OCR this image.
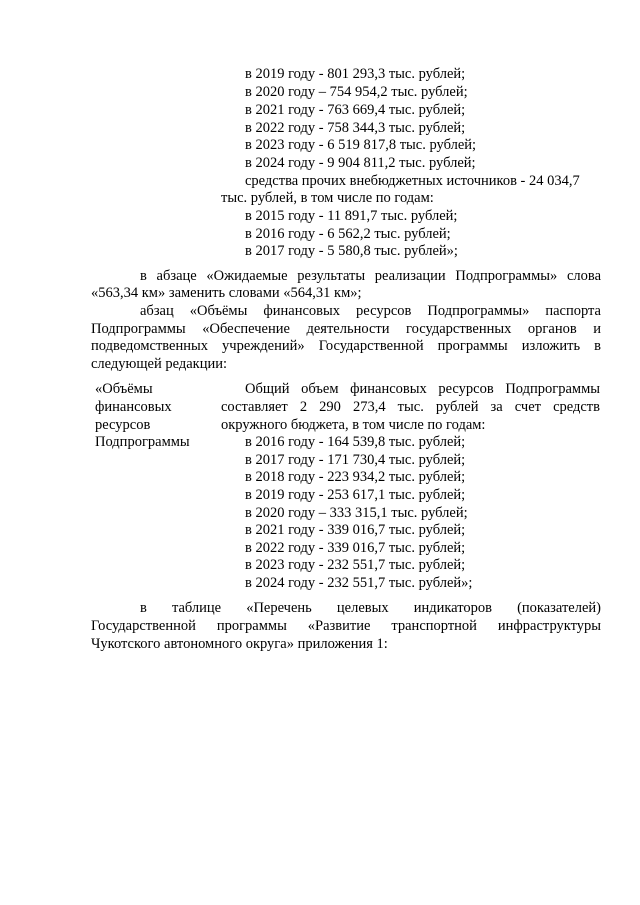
в 2019 году - 801 293,3 тыс. рублей;
в 2020 году – 754 954,2 тыс. рублей;
в 2021 году - 763 669,4 тыс. рублей;
в 2022 году - 758 344,3 тыс. рублей;
в 2023 году - 6 519 817,8 тыс. рублей;
в 2024 году - 9 904 811,2 тыс. рублей;
средства прочих внебюджетных источников - 24 034,7
тыс. рублей, в том числе по годам:
в 2015 году - 11 891,7 тыс. рублей;
в 2016 году - 6 562,2 тыс. рублей;
в 2017 году - 5 580,8 тыс. рублей»;
в абзаце «Ожидаемые результаты реализации Подпрограммы» слова
«563,34 км» заменить словами «564,31 км»;
абзац «Объёмы финансовых ресурсов Подпрограммы» паспорта
Подпрограммы «Обеспечение деятельности государственных органов и
подведомственных учреждений» Государственной программы изложить в
следующей редакции:
«Объёмы
финансовых
ресурсов
Подпрограммы
Общий объем финансовых ресурсов Подпрограммы
составляет 2 290 273,4 тыс. рублей за счет средств
окружного бюджета, в том числе по годам:
в 2016 году - 164 539,8 тыс. рублей;
в 2017 году - 171 730,4 тыс. рублей;
в 2018 году - 223 934,2 тыс. рублей;
в 2019 году - 253 617,1 тыс. рублей;
в 2020 году – 333 315,1 тыс. рублей;
в 2021 году - 339 016,7 тыс. рублей;
в 2022 году - 339 016,7 тыс. рублей;
в 2023 году - 232 551,7 тыс. рублей;
в 2024 году - 232 551,7 тыс. рублей»;
в таблице «Перечень целевых индикаторов (показателей)
Государственной программы «Развитие транспортной инфраструктуры
Чукотского автономного округа» приложения 1:
